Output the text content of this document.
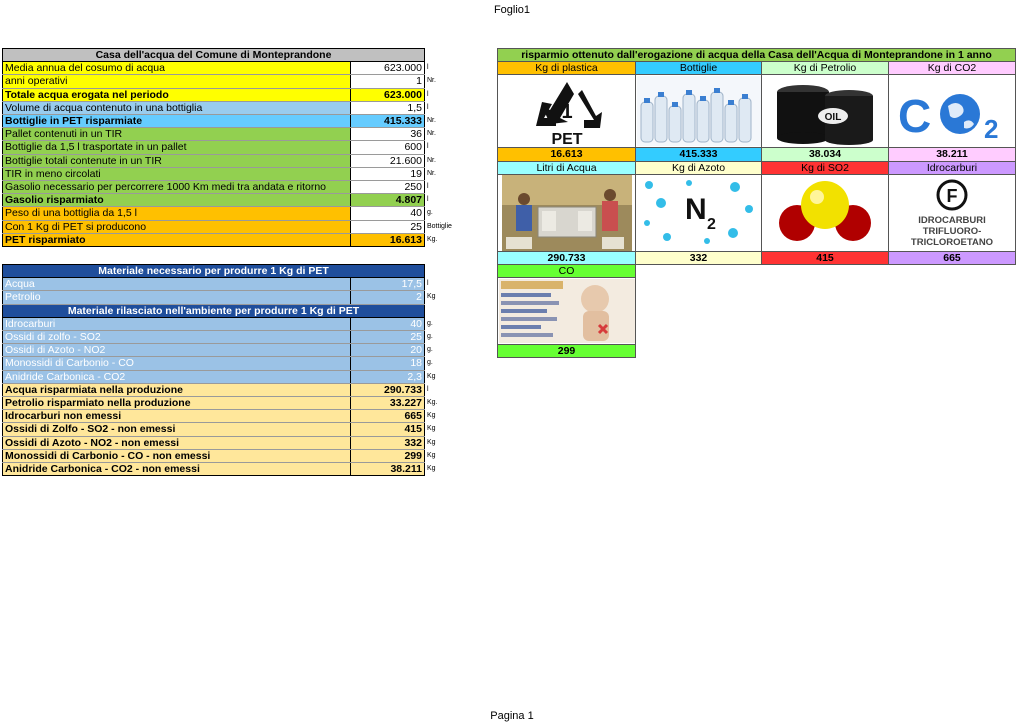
Foglio1
Casa dell'acqua del Comune di Monteprandone		
Media annua del cosumo di acqua	623.000	l
anni operativi	1	Nr.
Totale acqua erogata nel periodo	623.000	l
Volume di acqua contenuto in una bottiglia	1,5	l
Bottiglie in PET risparmiate	415.333	Nr.
Pallet contenuti in un TIR	36	Nr.
Bottiglie da 1,5 l trasportate in un pallet	600	l
Bottiglie totali contenute in un TIR	21.600	Nr.
TIR in meno circolati	19	Nr.
Gasolio necessario per percorrere 1000 Km medi tra andata e ritorno	250	l
Gasolio risparmiato	4.807	l
Peso di una bottiglia da 1,5 l	40	g.
Con 1 Kg di PET si producono	25	Bottiglie
PET risparmiato	16.613	Kg.
Materiale necessario per produrre 1 Kg di PET		
Acqua	17,5	l
Petrolio	2	Kg
Materiale rilasciato nell'ambiente per produrre 1 Kg di PET		
Idrocarburi	40	g.
Ossidi di zolfo - SO2	25	g.
Ossidi di Azoto - NO2	20	g.
Monossidi di Carbonio - CO	18	g.
Anidride Carbonica - CO2	2,3	Kg
Acqua risparmiata nella produzione	290.733	l
Petrolio risparmiato nella produzione	33.227	Kg.
Idrocarburi non emessi	665	Kg
Ossidi di Zolfo - SO2 - non emessi	415	Kg
Ossidi di Azoto - NO2 - non emessi	332	Kg
Monossidi di Carbonio - CO - non emessi	299	Kg
Anidride Carbonica - CO2 - non emessi	38.211	Kg
risparmio ottenuto dall'erogazione di acqua della Casa dell'Acqua di Monteprandone in 1 anno			
Kg di plastica	Bottiglie	Kg di Petrolio	Kg di CO2

1
PET		OIL	C 2

16.613	415.333	38.034	38.211
Litri di Acqua	Kg di Azoto	Kg di SO2	Idrocarburi

N 2		F
IDROCARBURI
TRIFLUORO-
TRICLOROETANO

290.733	332	415	665
CO			

299			
Pagina 1
